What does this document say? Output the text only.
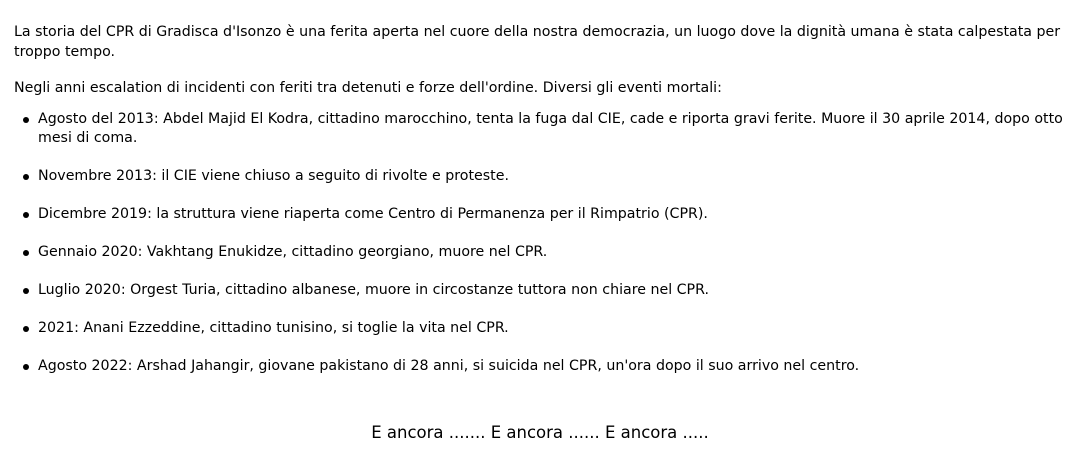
La storia del CPR di Gradisca d'Isonzo è una ferita aperta nel cuore della nostra democrazia, un luogo dove la dignità umana è stata calpestata per troppo tempo.

Negli anni escalation di incidenti con feriti tra detenuti e forze dell'ordine. Diversi gli eventi mortali:

Agosto del 2013: Abdel Majid El Kodra, cittadino marocchino, tenta la fuga dal CIE, cade e riporta gravi ferite. Muore il 30 aprile 2014, dopo otto mesi di coma.
Novembre 2013: il CIE viene chiuso a seguito di rivolte e proteste.
Dicembre 2019: la struttura viene riaperta come Centro di Permanenza per il Rimpatrio (CPR).
Gennaio 2020: Vakhtang Enukidze, cittadino georgiano, muore nel CPR.
Luglio 2020: Orgest Turia, cittadino albanese, muore in circostanze tuttora non chiare nel CPR.
2021: Anani Ezzeddine, cittadino tunisino, si toglie la vita nel CPR.
Agosto 2022: Arshad Jahangir, giovane pakistano di 28 anni, si suicida nel CPR, un'ora dopo il suo arrivo nel centro.
E ancora ....... E ancora ...... E ancora .....
